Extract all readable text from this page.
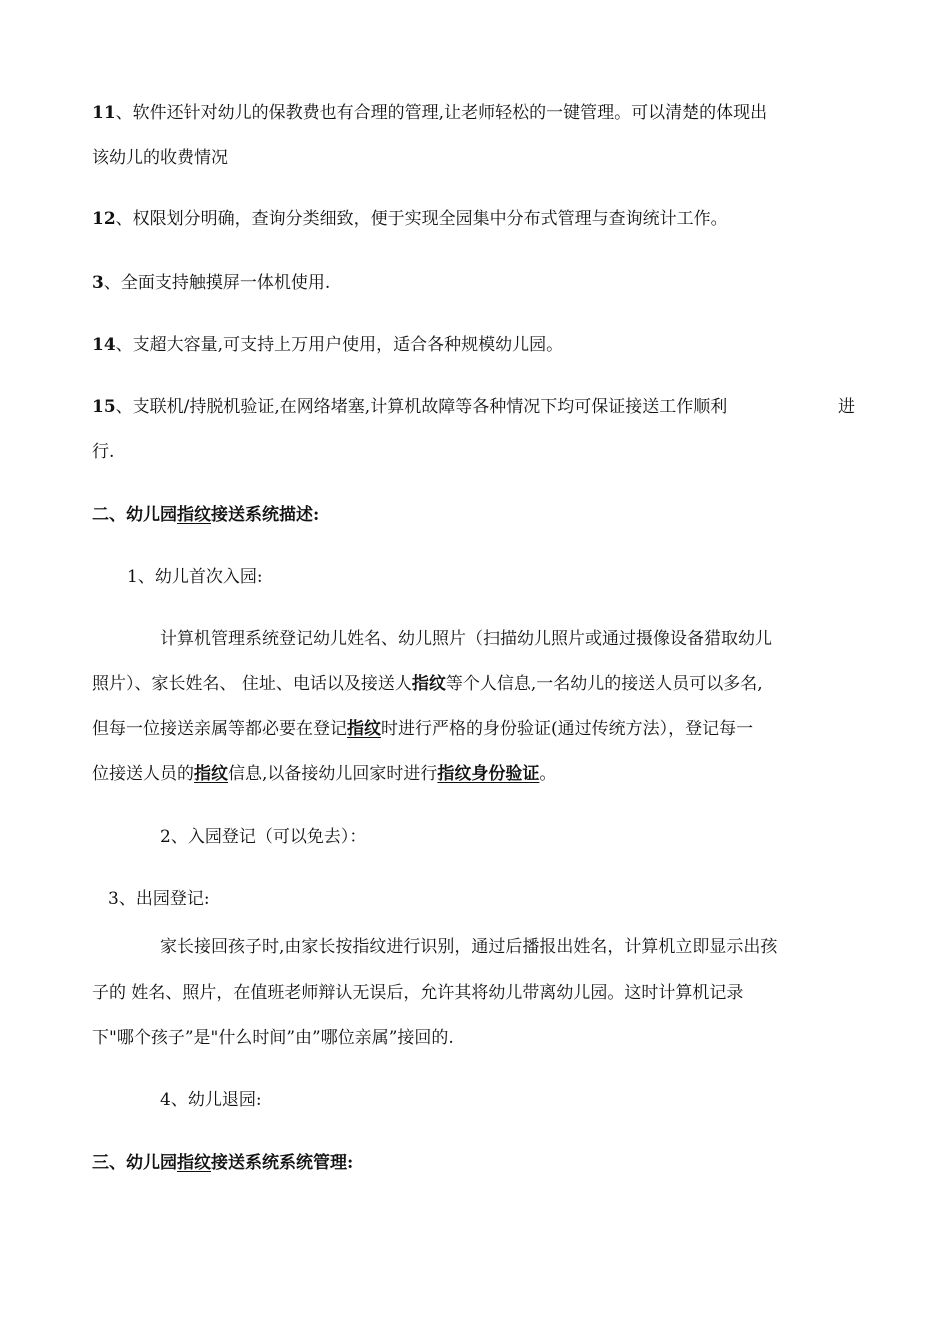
11、软件还针对幼儿的保教费也有合理的管理,让老师轻松的一键管理。可以清楚的体现出
该幼儿的收费情况
12、权限划分明确，查询分类细致，便于实现全园集中分布式管理与查询统计工作。
3、全面支持触摸屏一体机使用.
14、支超大容量,可支持上万用户使用，适合各种规模幼儿园。
15、支联机/持脱机验证,在网络堵塞,计算机故障等各种情况下均可保证接送工作顺利	进
行.
二、幼儿园指纹接送系统描述:
1、幼儿首次入园:
计算机管理系统登记幼儿姓名、幼儿照片（扫描幼儿照片或通过摄像设备猎取幼儿
照片）、家长姓名、 住址、电话以及接送人指纹等个人信息,一名幼儿的接送人员可以多名,
但每一位接送亲属等都必要在登记指纹时进行严格的身份验证(通过传统方法），登记每一
位接送人员的指纹信息,以备接幼儿回家时进行指纹身份验证。
2、入园登记（可以免去）：
3、出园登记:
家长接回孩子时,由家长按指纹进行识别，通过后播报出姓名，计算机立即显示出孩
子的 姓名、照片，在值班老师辩认无误后，允许其将幼儿带离幼儿园。这时计算机记录
下"哪个孩子”是"什么时间”由”哪位亲属”接回的.
4、幼儿退园:
三、幼儿园指纹接送系统系统管理:
